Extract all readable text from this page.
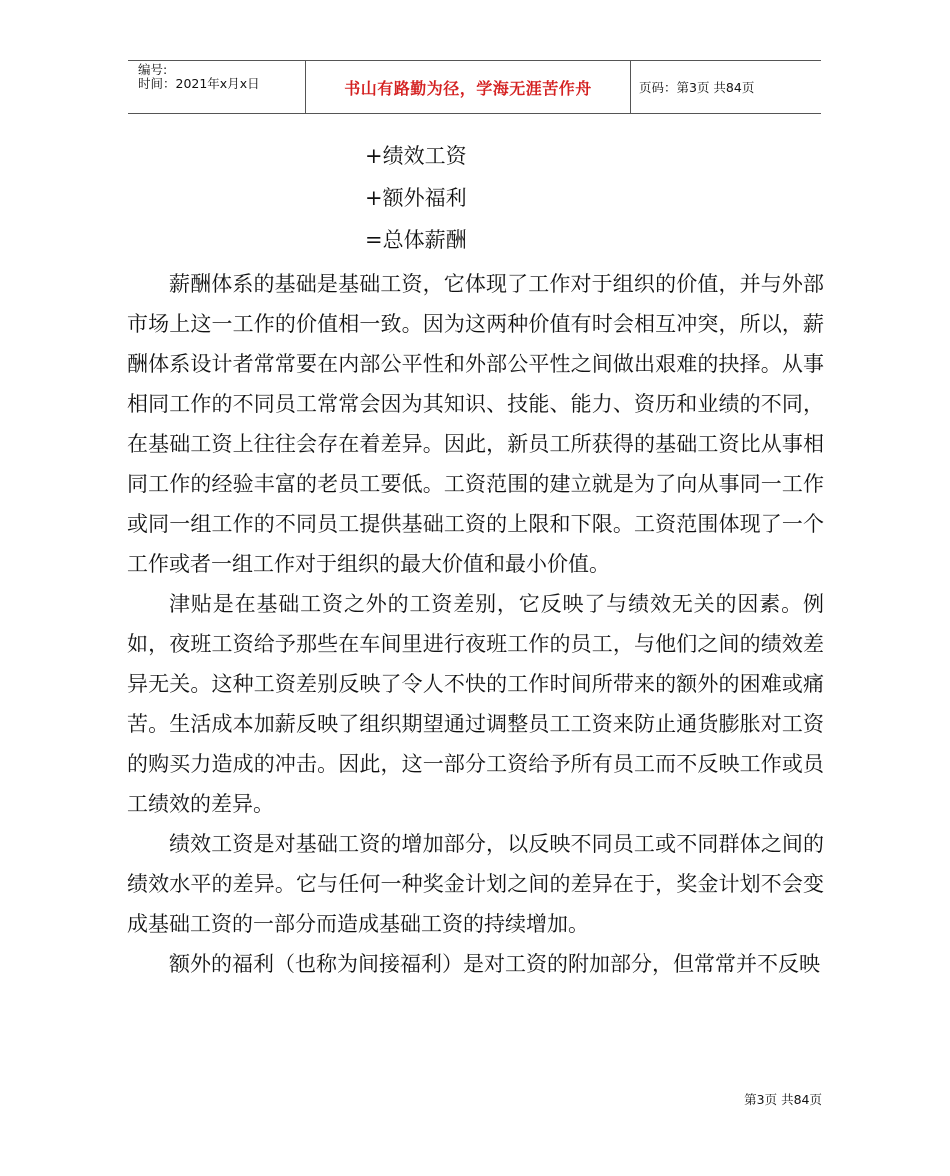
编号:
时间：2021年x月x日	书山有路勤为径，学海无涯苦作舟	页码：第3页 共84页
+绩效工资
+额外福利
=总体薪酬

薪酬体系的基础是基础工资，它体现了工作对于组织的价值，并与外部市场上这一工作的价值相一致。因为这两种价值有时会相互冲突，所以，薪酬体系设计者常常要在内部公平性和外部公平性之间做出艰难的抉择。从事相同工作的不同员工常常会因为其知识、技能、能力、资历和业绩的不同，在基础工资上往往会存在着差异。因此，新员工所获得的基础工资比从事相同工作的经验丰富的老员工要低。工资范围的建立就是为了向从事同一工作或同一组工作的不同员工提供基础工资的上限和下限。工资范围体现了一个工作或者一组工作对于组织的最大价值和最小价值。

津贴是在基础工资之外的工资差别，它反映了与绩效无关的因素。例如，夜班工资给予那些在车间里进行夜班工作的员工，与他们之间的绩效差异无关。这种工资差别反映了令人不快的工作时间所带来的额外的困难或痛苦。生活成本加薪反映了组织期望通过调整员工工资来防止通货膨胀对工资的购买力造成的冲击。因此，这一部分工资给予所有员工而不反映工作或员工绩效的差异。

绩效工资是对基础工资的增加部分，以反映不同员工或不同群体之间的绩效水平的差异。它与任何一种奖金计划之间的差异在于，奖金计划不会变成基础工资的一部分而造成基础工资的持续增加。

额外的福利（也称为间接福利）是对工资的附加部分，但常常并不反映

第3页 共84页
